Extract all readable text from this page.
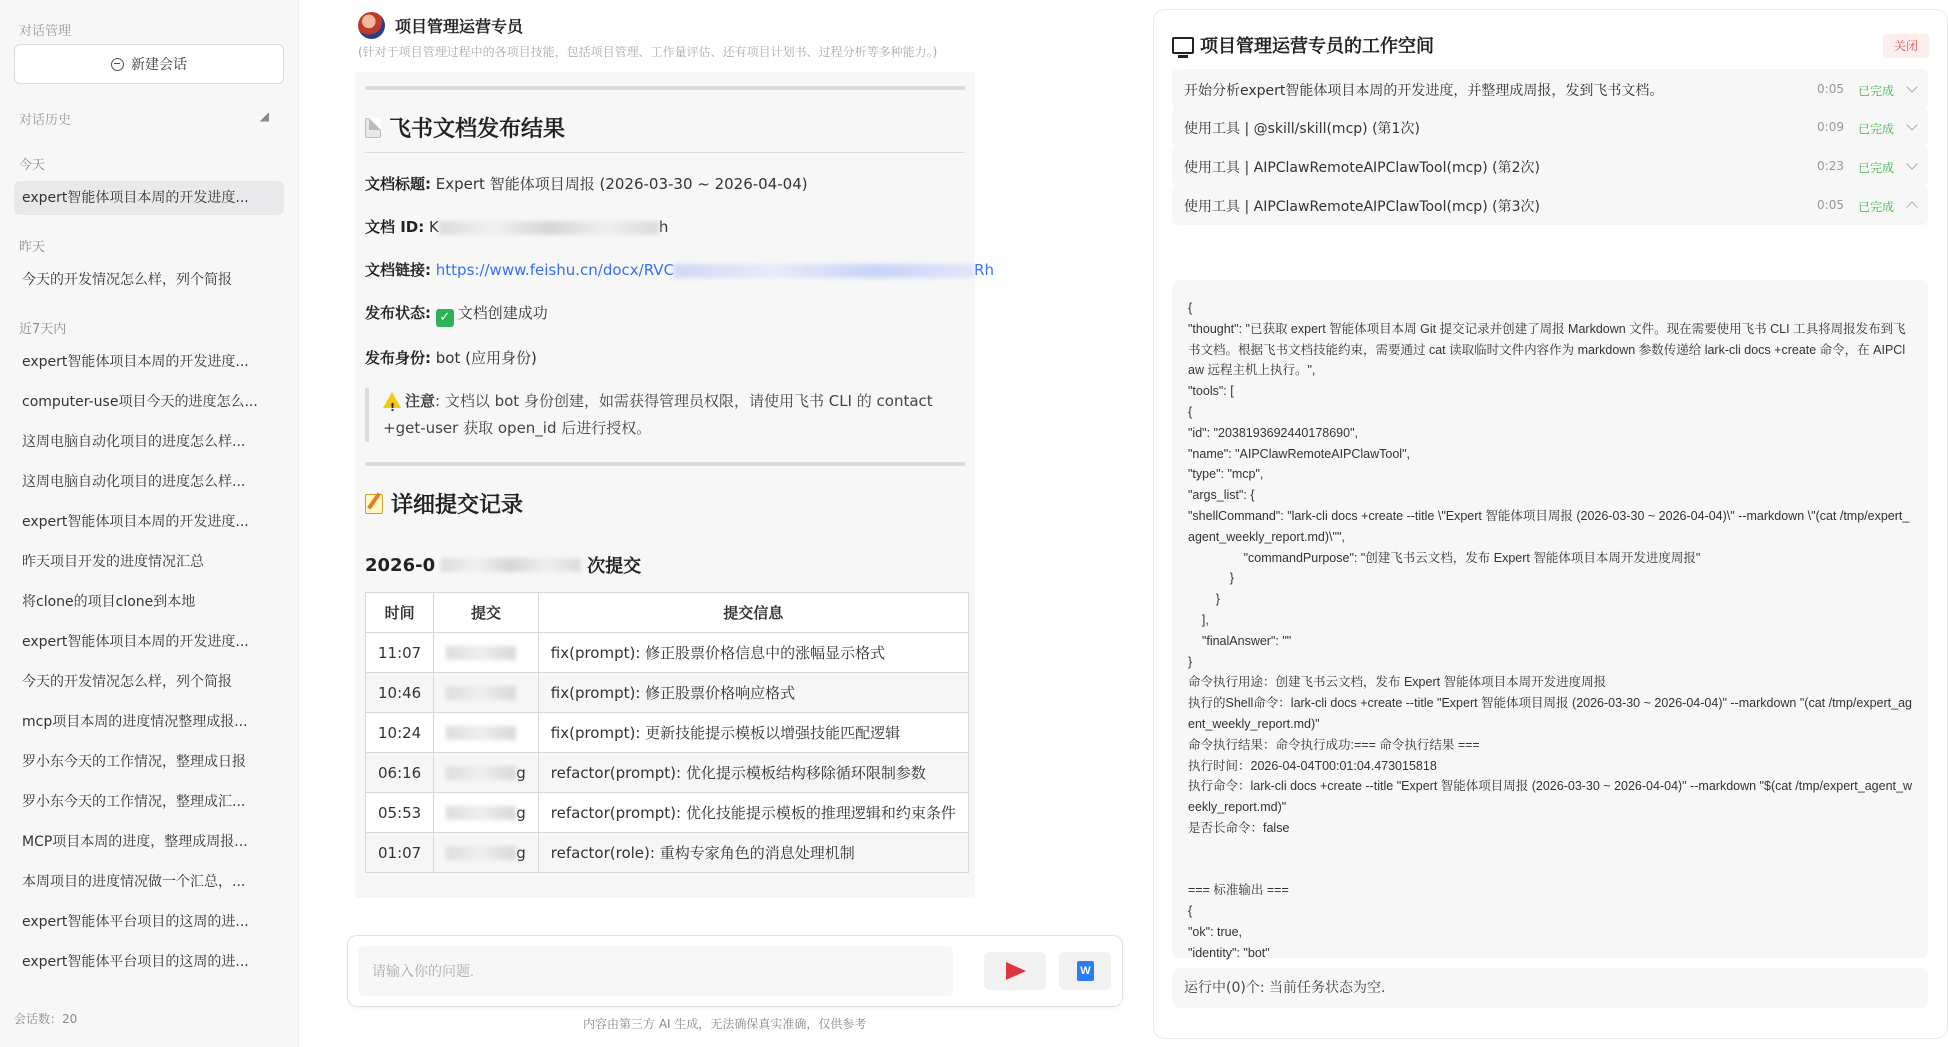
对话管理
新建会话
对话历史	◢
今天
expert智能体项目本周的开发进度...
昨天
今天的开发情况怎么样，列个简报
近7天内
expert智能体项目本周的开发进度...
computer-use项目今天的进度怎么...
这周电脑自动化项目的进度怎么样...
这周电脑自动化项目的进度怎么样...
expert智能体项目本周的开发进度...
昨天项目开发的进度情况汇总
将clone的项目clone到本地
expert智能体项目本周的开发进度...
今天的开发情况怎么样，列个简报
mcp项目本周的进度情况整理成报...
罗小东今天的工作情况，整理成日报
罗小东今天的工作情况，整理成汇...
MCP项目本周的进度，整理成周报...
本周项目的进度情况做一个汇总，...
expert智能体平台项目的这周的进...
expert智能体平台项目的这周的进...
会话数：20
项目管理运营专员
(针对于项目管理过程中的各项目技能，包括项目管理、工作量评估、还有项目计划书、过程分析等多种能力。)
飞书文档发布结果
文档标题: Expert 智能体项目周报 (2026-03-30 ~ 2026-04-04)
文档 ID: K	h
文档链接: https://www.feishu.cn/docx/RVC	Rh
发布状态: ✓ 文档创建成功
发布身份: bot (应用身份)
!注意: 文档以 bot 身份创建，如需获得管理员权限，请使用飞书 CLI 的 contact +get-user 获取 open_id 后进行授权。
详细提交记录
2026-0	次提交
时间	提交	提交信息
11:07		fix(prompt): 修正股票价格信息中的涨幅显示格式
10:46		fix(prompt): 修正股票价格响应格式
10:24		fix(prompt): 更新技能提示模板以增强技能匹配逻辑
06:16	g	refactor(prompt): 优化提示模板结构移除循环限制参数
05:53	g	refactor(prompt): 优化技能提示模板的推理逻辑和约束条件
01:07	g	refactor(role): 重构专家角色的消息处理机制
请输入你的问题.
W
内容由第三方 AI 生成，无法确保真实准确，仅供参考
项目管理运营专员的工作空间	关闭
开始分析expert智能体项目本周的开发进度，并整理成周报，发到飞书文档。	0:05 已完成
使用工具 | @skill/skill(mcp) (第1次)	0:09 已完成
使用工具 | AIPClawRemoteAIPClawTool(mcp) (第2次)	0:23 已完成
使用工具 | AIPClawRemoteAIPClawTool(mcp) (第3次)	0:05 已完成
{
"thought": "已获取 expert 智能体项目本周 Git 提交记录并创建了周报 Markdown 文件。现在需要使用飞书 CLI 工具将周报发布到飞书文档。根据飞书文档技能约束，需要通过 cat 读取临时文件内容作为 markdown 参数传递给 lark-cli docs +create 命令，在 AIPClaw 远程主机上执行。",
"tools": [
{
"id": "2038193692440178690",
"name": "AIPClawRemoteAIPClawTool",
"type": "mcp",
"args_list": {
"shellCommand": "lark-cli docs +create --title \"Expert 智能体项目周报 (2026-03-30 ~ 2026-04-04)\" --markdown \"(cat /tmp/expert_agent_weekly_report.md)\"",
"commandPurpose": "创建飞书云文档，发布 Expert 智能体项目本周开发进度周报"
}
}
],
"finalAnswer": ""
}
命令执行用途：创建飞书云文档，发布 Expert 智能体项目本周开发进度周报
执行的Shell命令：lark-cli docs +create --title "Expert 智能体项目周报 (2026-03-30 ~ 2026-04-04)" --markdown "(cat /tmp/expert_agent_weekly_report.md)"
命令执行结果：命令执行成功:=== 命令执行结果 ===
执行时间：2026-04-04T00:01:04.473015818
执行命令：lark-cli docs +create --title "Expert 智能体项目周报 (2026-03-30 ~ 2026-04-04)" --markdown "$(cat /tmp/expert_agent_weekly_report.md)"
是否长命令：false

=== 标准输出 ===
{
"ok": true,
"identity": "bot"
运行中(0)个: 当前任务状态为空.
